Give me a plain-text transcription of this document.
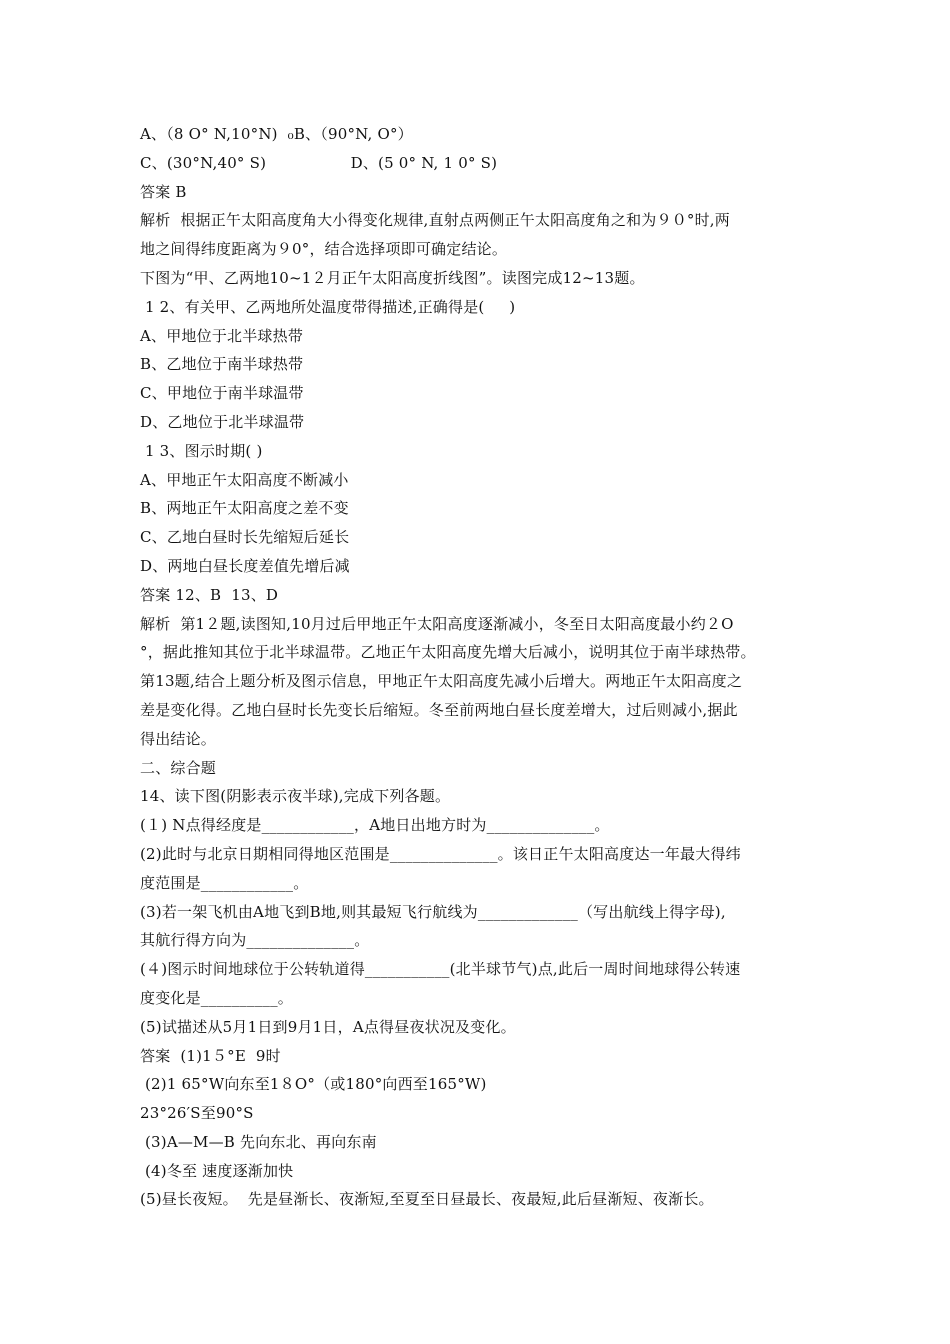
A、（8 O° N,10°N)  ₀B、（90°N, O°）
C、(30°N,40° S)                 D、(5 0° N, 1 0° S)
答案 B
解析  根据正午太阳高度角大小得变化规律,直射点两侧正午太阳高度角之和为９０°时,两
地之间得纬度距离为９0°，结合选择项即可确定结论。
下图为“甲、乙两地10~1２月正午太阳高度折线图”。读图完成12~13题。
1 2、有关甲、乙两地所处温度带得描述,正确得是(     )
A、甲地位于北半球热带
B、乙地位于南半球热带
C、甲地位于南半球温带
D、乙地位于北半球温带
1 3、图示时期( )
A、甲地正午太阳高度不断减小
B、两地正午太阳高度之差不变
C、乙地白昼时长先缩短后延长
D、两地白昼长度差值先增后减
答案 12、B  13、D
解析  第1２题,读图知,10月过后甲地正午太阳高度逐渐减小，冬至日太阳高度最小约２O
°，据此推知其位于北半球温带。乙地正午太阳高度先增大后减小，说明其位于南半球热带。
第13题,结合上题分析及图示信息，甲地正午太阳高度先减小后增大。两地正午太阳高度之
差是变化得。乙地白昼时长先变长后缩短。冬至前两地白昼长度差增大，过后则减小,据此
得出结论。
二、综合题
14、读下图(阴影表示夜半球),完成下列各题。
(１) N点得经度是____________，A地日出地方时为______________。
(2)此时与北京日期相同得地区范围是______________。该日正午太阳高度达一年最大得纬
度范围是____________。
(3)若一架飞机由A地飞到B地,则其最短飞行航线为_____________（写出航线上得字母),
其航行得方向为______________。
(４)图示时间地球位于公转轨道得___________(北半球节气)点,此后一周时间地球得公转速
度变化是__________。
(5)试描述从5月1日到9月1日，A点得昼夜状况及变化。
答案  (1)1５°E  9时
(2)1 65°W向东至1８O°（或180°向西至165°W)
23°26′S至90°S
(3)A—M—B 先向东北、再向东南
(4)冬至 速度逐渐加快
(5)昼长夜短。  先是昼渐长、夜渐短,至夏至日昼最长、夜最短,此后昼渐短、夜渐长。
